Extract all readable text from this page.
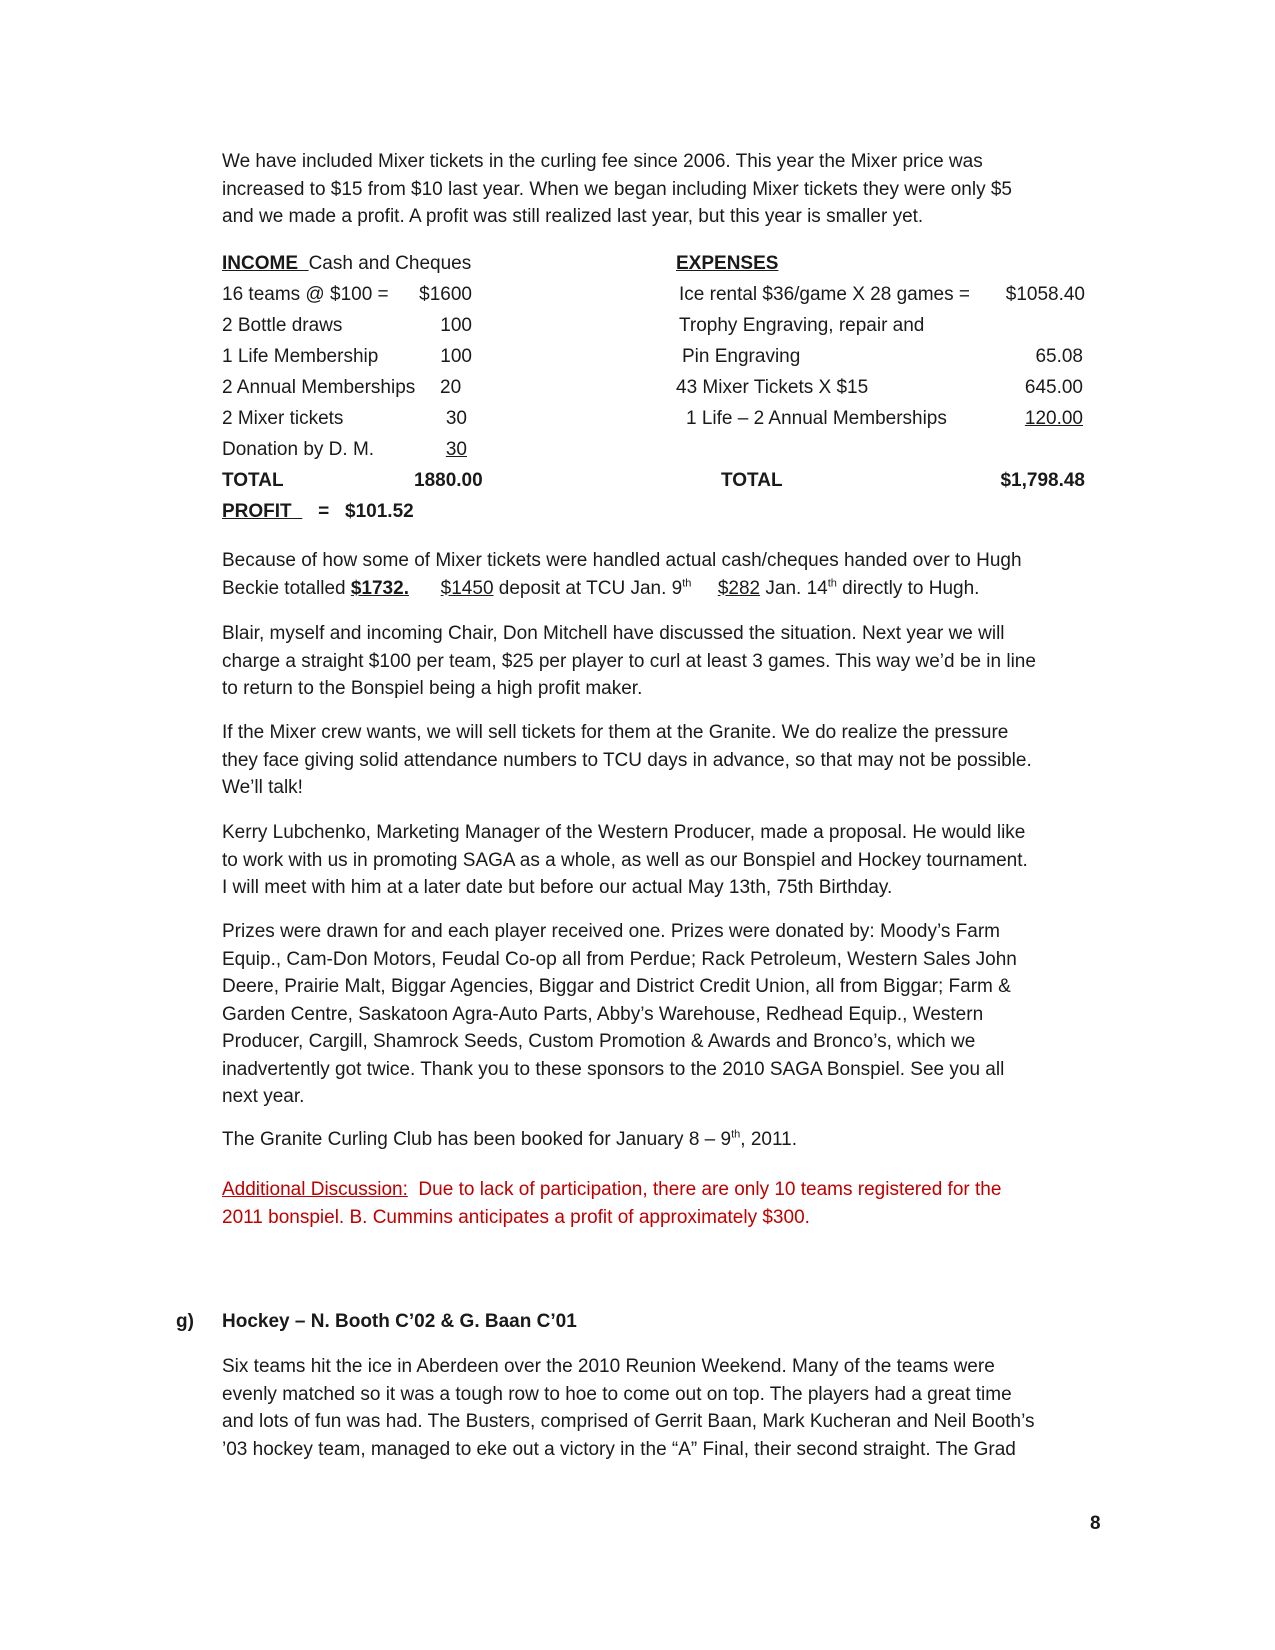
We have included Mixer tickets in the curling fee since 2006. This year the Mixer price was
increased to $15 from $10 last year. When we began including Mixer tickets they were only $5
and we made a profit. A profit was still realized last year, but this year is smaller yet.

INCOME Cash and Cheques
16 teams @ $100 =	$1600
2 Bottle draws	100
1 Life Membership	100
2 Annual Memberships 20
2 Mixer tickets	30
Donation by D. M.	30
TOTAL	1880.00
PROFIT = $101.52
EXPENSES
Ice rental $36/game X 28 games =	$1058.40
Trophy Engraving, repair and
Pin Engraving	65.08
43 Mixer Tickets X $15	645.00
1 Life – 2 Annual Memberships	120.00
TOTAL	$1,798.48

Because of how some of Mixer tickets were handled actual cash/cheques handed over to Hugh
Beckie totalled $1732. $1450 deposit at TCU Jan. 9th $282 Jan. 14th directly to Hugh.

Blair, myself and incoming Chair, Don Mitchell have discussed the situation. Next year we will
charge a straight $100 per team, $25 per player to curl at least 3 games. This way we’d be in line
to return to the Bonspiel being a high profit maker.

If the Mixer crew wants, we will sell tickets for them at the Granite. We do realize the pressure
they face giving solid attendance numbers to TCU days in advance, so that may not be possible.
We’ll talk!

Kerry Lubchenko, Marketing Manager of the Western Producer, made a proposal. He would like
to work with us in promoting SAGA as a whole, as well as our Bonspiel and Hockey tournament.
I will meet with him at a later date but before our actual May 13th, 75th Birthday.

Prizes were drawn for and each player received one. Prizes were donated by: Moody’s Farm
Equip., Cam-Don Motors, Feudal Co-op all from Perdue; Rack Petroleum, Western Sales John
Deere, Prairie Malt, Biggar Agencies, Biggar and District Credit Union, all from Biggar; Farm &
Garden Centre, Saskatoon Agra-Auto Parts, Abby’s Warehouse, Redhead Equip., Western
Producer, Cargill, Shamrock Seeds, Custom Promotion & Awards and Bronco’s, which we
inadvertently got twice. Thank you to these sponsors to the 2010 SAGA Bonspiel. See you all
next year.

The Granite Curling Club has been booked for January 8 – 9th, 2011.

Additional Discussion:  Due to lack of participation, there are only 10 teams registered for the
2011 bonspiel. B. Cummins anticipates a profit of approximately $300.

g) Hockey – N. Booth C’02 & G. Baan C’01

Six teams hit the ice in Aberdeen over the 2010 Reunion Weekend. Many of the teams were
evenly matched so it was a tough row to hoe to come out on top. The players had a great time
and lots of fun was had. The Busters, comprised of Gerrit Baan, Mark Kucheran and Neil Booth’s
’03 hockey team, managed to eke out a victory in the “A” Final, their second straight. The Grad

8
